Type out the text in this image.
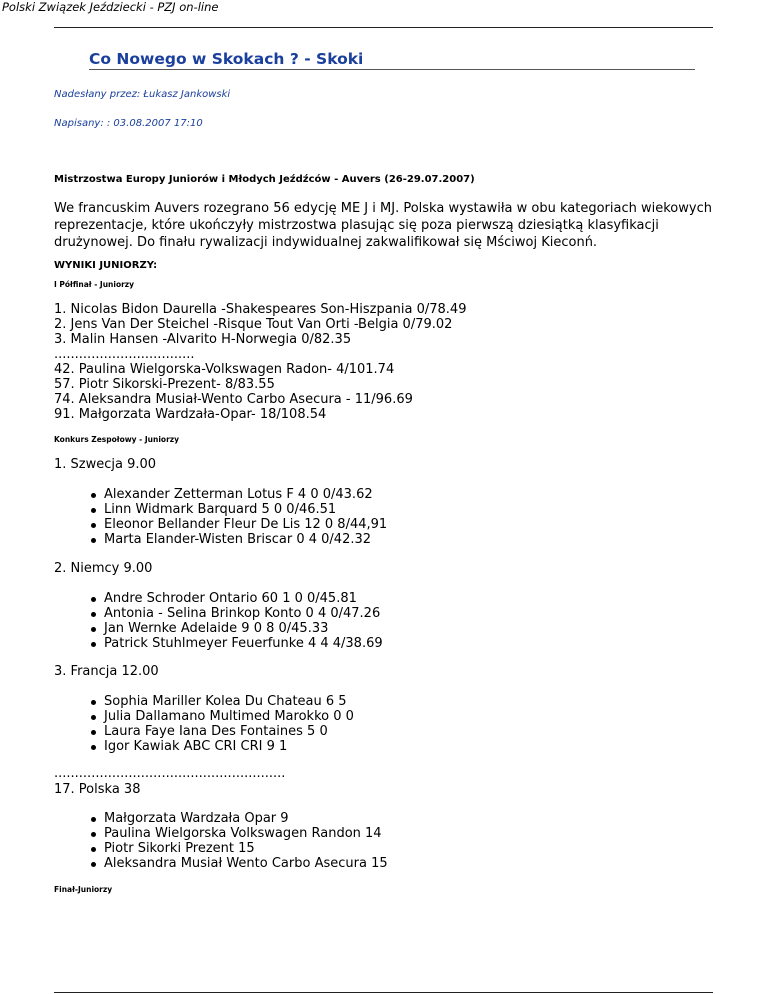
Polski Związek Jeździecki - PZJ on-line
Co Nowego w Skokach ? - Skoki
Nadesłany przez: Łukasz Jankowski
Napisany: : 03.08.2007 17:10
Mistrzostwa Europy Juniorów i Młodych Jeźdźców - Auvers (26-29.07.2007)
We francuskim Auvers rozegrano 56 edycję ME J i MJ. Polska wystawiła w obu kategoriach wiekowych reprezentacje, które ukończyły mistrzostwa plasując się poza pierwszą dziesiątką klasyfikacji drużynowej. Do finału rywalizacji indywidualnej zakwalifikował się Mściwoj Kieconń.
WYNIKI JUNIORZY:
I Półfinał - Juniorzy
1. Nicolas Bidon Daurella -Shakespeares Son-Hiszpania 0/78.49
2. Jens Van Der Steichel -Risque Tout Van Orti -Belgia 0/79.02
3. Malin Hansen -Alvarito H-Norwegia 0/82.35
..................................
42. Paulina Wielgorska-Volkswagen Radon- 4/101.74
57. Piotr Sikorski-Prezent- 8/83.55
74. Aleksandra Musiał-Wento Carbo Asecura - 11/96.69
91. Małgorzata Wardzała-Opar- 18/108.54
Konkurs Zespołowy - Juniorzy
1. Szwecja 9.00
Alexander Zetterman Lotus F 4 0 0/43.62
Linn Widmark Barquard 5 0 0/46.51
Eleonor Bellander Fleur De Lis 12 0 8/44,91
Marta Elander-Wisten Briscar 0 4 0/42.32
2. Niemcy 9.00
Andre Schroder Ontario 60 1 0 0/45.81
Antonia - Selina Brinkop Konto 0 4 0/47.26
Jan Wernke Adelaide 9 0 8 0/45.33
Patrick Stuhlmeyer Feuerfunke 4 4 4/38.69
3. Francja 12.00
Sophia Mariller Kolea Du Chateau 6 5
Julia Dallamano Multimed Marokko 0 0
Laura Faye Iana Des Fontaines 5 0
Igor Kawiak ABC CRI CRI 9 1
........................................................
17. Polska 38
Małgorzata Wardzała Opar 9
Paulina Wielgorska Volkswagen Randon 14
Piotr Sikorki Prezent 15
Aleksandra Musiał Wento Carbo Asecura 15
Finał-Juniorzy
